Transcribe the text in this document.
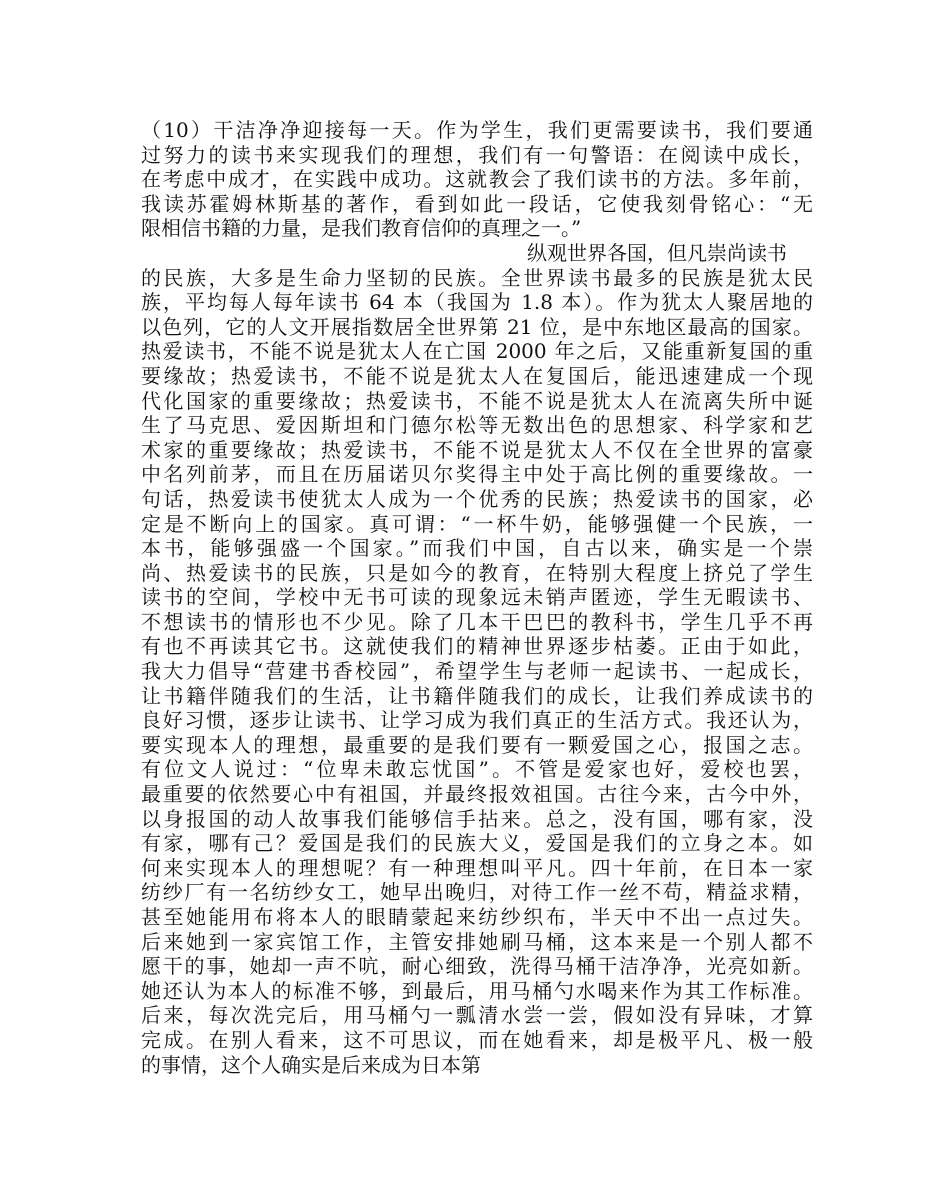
（10）干洁净净迎接每一天。作为学生，我们更需要读书，我们要通
过努力的读书来实现我们的理想，我们有一句警语：在阅读中成长，
在考虑中成才，在实践中成功。这就教会了我们读书的方法。多年前，
我读苏霍姆林斯基的著作，看到如此一段话，它使我刻骨铭心：“无
限相信书籍的力量，是我们教育信仰的真理之一。”
纵观世界各国，但凡崇尚读书
的民族，大多是生命力坚韧的民族。全世界读书最多的民族是犹太民
族，平均每人每年读书 64 本（我国为 1.8 本）。作为犹太人聚居地的
以色列，它的人文开展指数居全世界第 21 位，是中东地区最高的国家。
热爱读书，不能不说是犹太人在亡国 2000 年之后，又能重新复国的重
要缘故；热爱读书，不能不说是犹太人在复国后，能迅速建成一个现
代化国家的重要缘故；热爱读书，不能不说是犹太人在流离失所中诞
生了马克思、爱因斯坦和门德尔松等无数出色的思想家、科学家和艺
术家的重要缘故；热爱读书，不能不说是犹太人不仅在全世界的富豪
中名列前茅，而且在历届诺贝尔奖得主中处于高比例的重要缘故。一
句话，热爱读书使犹太人成为一个优秀的民族；热爱读书的国家，必
定是不断向上的国家。真可谓：“一杯牛奶，能够强健一个民族，一
本书，能够强盛一个国家。”而我们中国，自古以来，确实是一个崇
尚、热爱读书的民族，只是如今的教育，在特别大程度上挤兑了学生
读书的空间，学校中无书可读的现象远未销声匿迹，学生无暇读书、
不想读书的情形也不少见。除了几本干巴巴的教科书，学生几乎不再
有也不再读其它书。这就使我们的精神世界逐步枯萎。正由于如此，
我大力倡导“营建书香校园”，希望学生与老师一起读书、一起成长，
让书籍伴随我们的生活，让书籍伴随我们的成长，让我们养成读书的
良好习惯，逐步让读书、让学习成为我们真正的生活方式。我还认为，
要实现本人的理想，最重要的是我们要有一颗爱国之心，报国之志。
有位文人说过：“位卑未敢忘忧国”。不管是爱家也好，爱校也罢，
最重要的依然要心中有祖国，并最终报效祖国。古往今来，古今中外，
以身报国的动人故事我们能够信手拈来。总之，没有国，哪有家，没
有家，哪有己？爱国是我们的民族大义，爱国是我们的立身之本。如
何来实现本人的理想呢？有一种理想叫平凡。四十年前，在日本一家
纺纱厂有一名纺纱女工，她早出晚归，对待工作一丝不苟，精益求精，
甚至她能用布将本人的眼睛蒙起来纺纱织布，半天中不出一点过失。
后来她到一家宾馆工作，主管安排她刷马桶，这本来是一个别人都不
愿干的事，她却一声不吭，耐心细致，洗得马桶干洁净净，光亮如新。
她还认为本人的标准不够，到最后，用马桶勺水喝来作为其工作标准。
后来，每次洗完后，用马桶勺一瓢清水尝一尝，假如没有异味，才算
完成。在别人看来，这不可思议，而在她看来，却是极平凡、极一般
的事情，这个人确实是后来成为日本第
